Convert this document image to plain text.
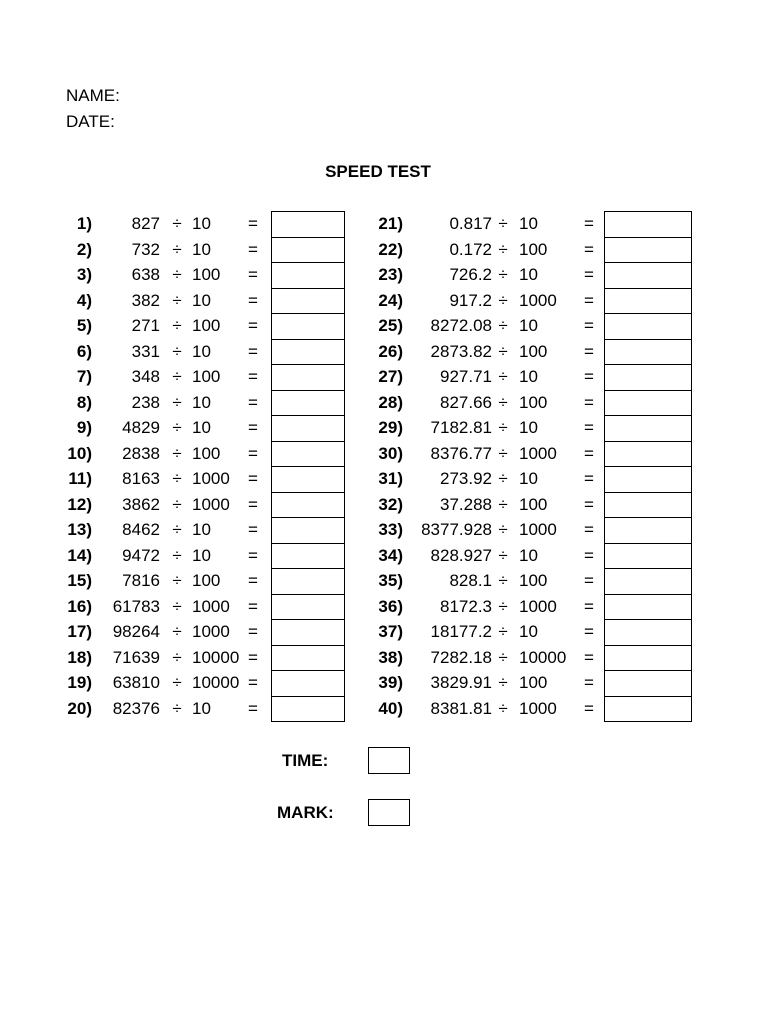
NAME:
DATE:
SPEED TEST
1)	827 ÷ 10	=
2)	732 ÷ 10	=
3)	638 ÷ 100	=
4)	382 ÷ 10	=
5)	271 ÷ 100	=
6)	331 ÷ 10	=
7)	348 ÷ 100	=
8)	238 ÷ 10	=
9)	4829 ÷ 10	=
10)	2838 ÷ 100	=
11)	8163 ÷ 1000	=
12)	3862 ÷ 1000	=
13)	8462 ÷ 10	=
14)	9472 ÷ 10	=
15)	7816 ÷ 100	=
16)	61783 ÷ 1000	=
17)	98264 ÷ 1000	=
18)	71639 ÷ 10000 =
19)	63810 ÷ 10000 =
20)	82376 ÷ 10	=
21)	0.817 ÷ 10	=
22)	0.172 ÷ 100	=
23)	726.2 ÷ 10	=
24)	917.2 ÷ 1000	=
25)	8272.08 ÷ 10	=
26)	2873.82 ÷ 100	=
27)	927.71 ÷ 10	=
28)	827.66 ÷ 100	=
29)	7182.81 ÷ 10	=
30)	8376.77 ÷ 1000	=
31)	273.92 ÷ 10	=
32)	37.288 ÷ 100	=
33)	8377.928 ÷ 1000	=
34)	828.927 ÷ 10	=
35)	828.1 ÷ 100	=
36)	8172.3 ÷ 1000	=
37)	18177.2 ÷ 10	=
38)	7282.18 ÷ 10000	=
39)	3829.91 ÷ 100	=
40)	8381.81 ÷ 1000	=
TIME:
MARK:
